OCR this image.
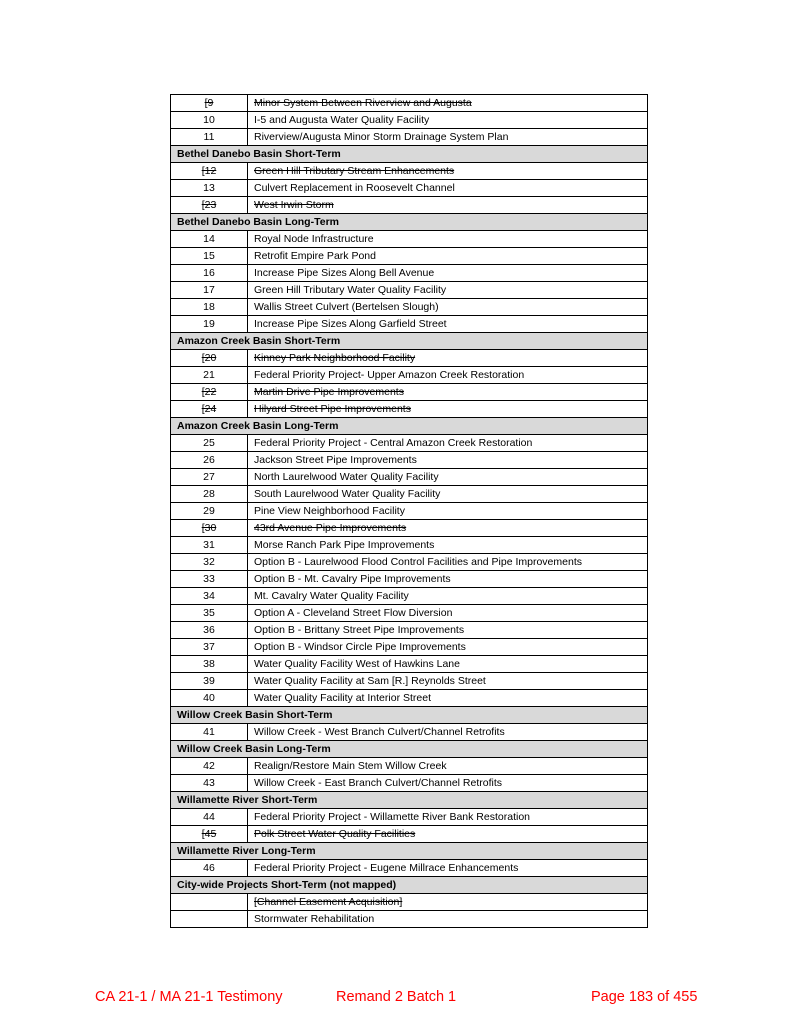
[9	Minor System Between Riverview and Augusta
10	I-5 and Augusta Water Quality Facility
11	Riverview/Augusta Minor Storm Drainage System Plan
Bethel Danebo Basin Short-Term	
[12	Green Hill Tributary Stream Enhancements
13	Culvert Replacement in Roosevelt Channel
[23	West Irwin Storm
Bethel Danebo Basin Long-Term	
14	Royal Node Infrastructure
15	Retrofit Empire Park Pond
16	Increase Pipe Sizes Along Bell Avenue
17	Green Hill Tributary Water Quality Facility
18	Wallis Street Culvert (Bertelsen Slough)
19	Increase Pipe Sizes Along Garfield Street
Amazon Creek Basin Short-Term	
[20	Kinney Park Neighborhood Facility
21	Federal Priority Project- Upper Amazon Creek Restoration
[22	Martin Drive Pipe Improvements
[24	Hilyard Street Pipe Improvements
Amazon Creek Basin Long-Term	
25	Federal Priority Project - Central Amazon Creek Restoration
26	Jackson Street Pipe Improvements
27	North Laurelwood Water Quality Facility
28	South Laurelwood Water Quality Facility
29	Pine View Neighborhood Facility
[30	43rd Avenue Pipe Improvements
31	Morse Ranch Park Pipe Improvements
32	Option B - Laurelwood Flood Control Facilities and Pipe Improvements
33	Option B - Mt. Cavalry Pipe Improvements
34	Mt. Cavalry Water Quality Facility
35	Option A - Cleveland Street Flow Diversion
36	Option B - Brittany Street Pipe Improvements
37	Option B - Windsor Circle Pipe Improvements
38	Water Quality Facility West of Hawkins Lane
39	Water Quality Facility at Sam [R.] Reynolds Street
40	Water Quality Facility at Interior Street
Willow Creek Basin Short-Term	
41	Willow Creek - West Branch Culvert/Channel Retrofits
Willow Creek Basin Long-Term	
42	Realign/Restore Main Stem Willow Creek
43	Willow Creek - East Branch Culvert/Channel Retrofits
Willamette River Short-Term	
44	Federal Priority Project - Willamette River Bank Restoration
[45	Polk Street Water Quality Facilities
Willamette River Long-Term	
46	Federal Priority Project - Eugene Millrace Enhancements
City-wide Projects Short-Term (not mapped)	
	[Channel Easement Acquisition]
	Stormwater Rehabilitation
CA 21-1 / MA 21-1 Testimony	Remand 2 Batch 1	Page 183 of 455
